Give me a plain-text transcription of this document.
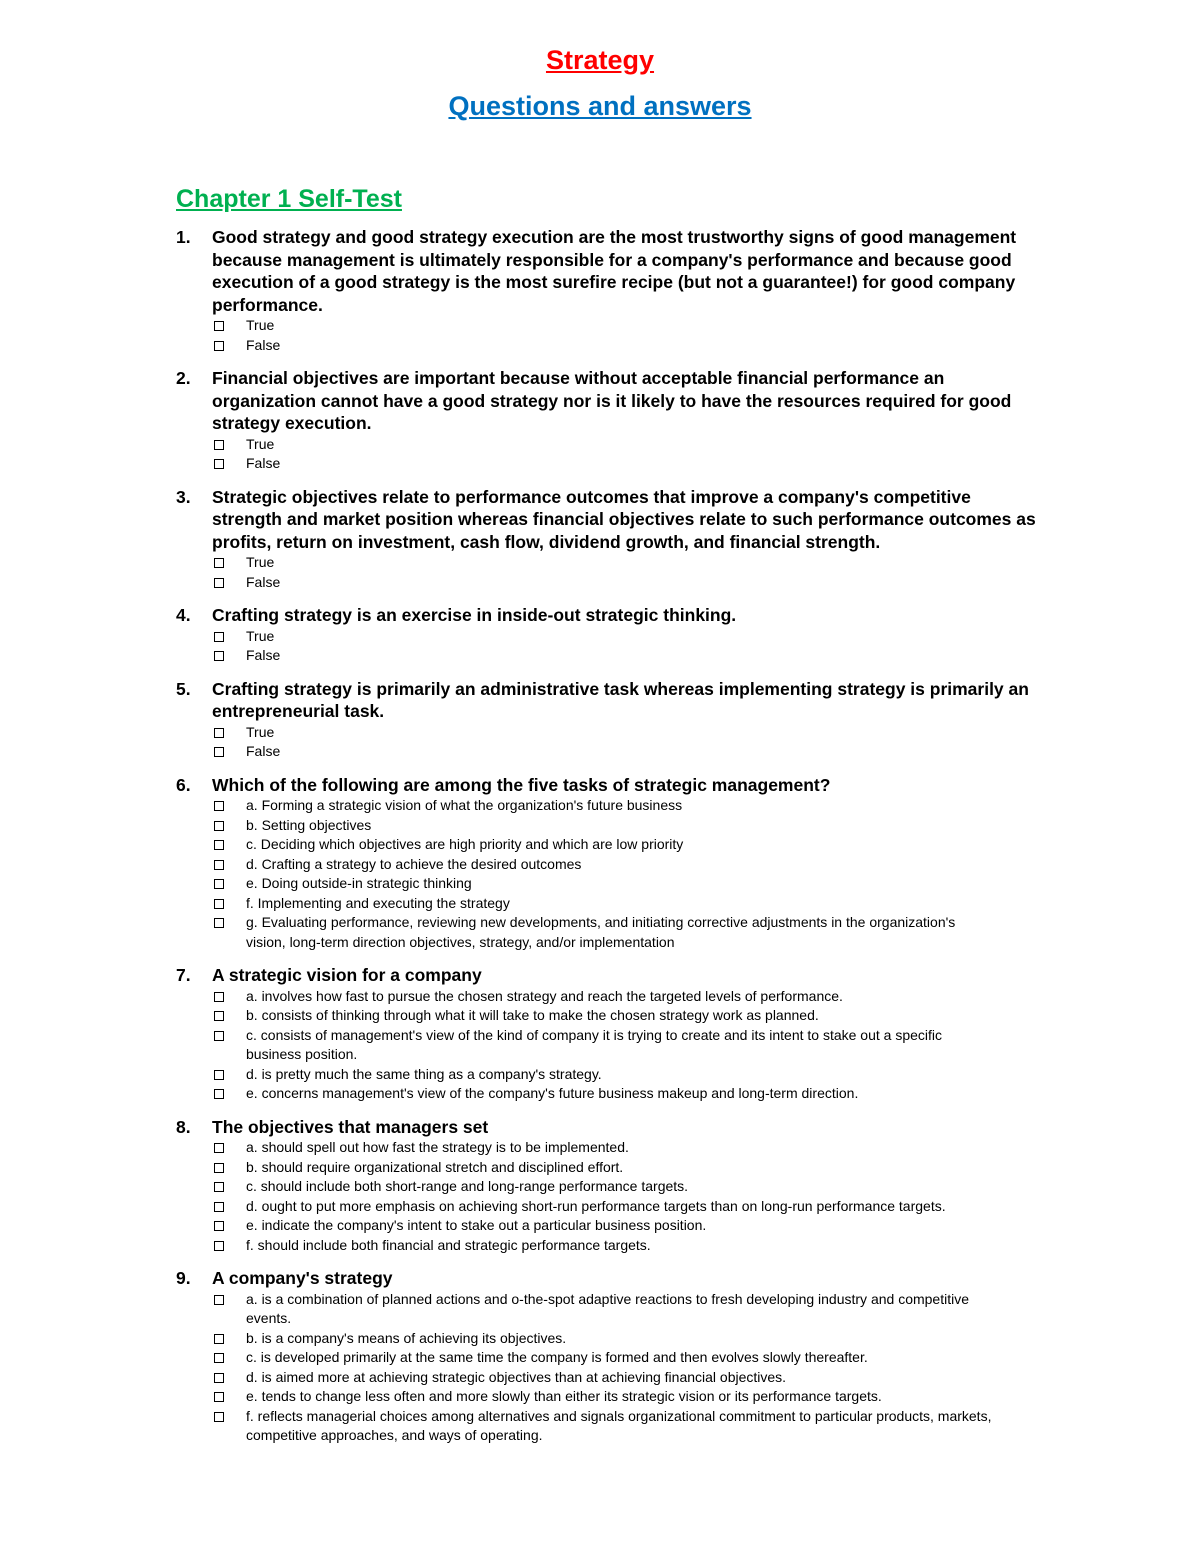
Strategy
Questions and answers
Chapter 1 Self-Test
1.	Good strategy and good strategy execution are the most trustworthy signs of good management because management is ultimately responsible for a company's performance and because good execution of a good strategy is the most surefire recipe (but not a guarantee!) for good company performance.
True
False
2.	Financial objectives are important because without acceptable financial performance an organization cannot have a good strategy nor is it likely to have the resources required for good strategy execution.
True
False
3.	Strategic objectives relate to performance outcomes that improve a company's competitive strength and market position whereas financial objectives relate to such performance outcomes as profits, return on investment, cash flow, dividend growth, and financial strength.
True
False
4.	Crafting strategy is an exercise in inside-out strategic thinking.
True
False
5.	Crafting strategy is primarily an administrative task whereas implementing strategy is primarily an entrepreneurial task.
True
False
6.	Which of the following are among the five tasks of strategic management?
a. Forming a strategic vision of what the organization's future business
b. Setting objectives
c. Deciding which objectives are high priority and which are low priority
d. Crafting a strategy to achieve the desired outcomes
e. Doing outside-in strategic thinking
f. Implementing and executing the strategy
g. Evaluating performance, reviewing new developments, and initiating corrective adjustments in the organization's vision, long-term direction objectives, strategy, and/or implementation
7.	A strategic vision for a company
a. involves how fast to pursue the chosen strategy and reach the targeted levels of performance.
b. consists of thinking through what it will take to make the chosen strategy work as planned.
c. consists of management's view of the kind of company it is trying to create and its intent to stake out a specific business position.
d. is pretty much the same thing as a company's strategy.
e. concerns management's view of the company's future business makeup and long-term direction.
8.	The objectives that managers set
a. should spell out how fast the strategy is to be implemented.
b. should require organizational stretch and disciplined effort.
c. should include both short-range and long-range performance targets.
d. ought to put more emphasis on achieving short-run performance targets than on long-run performance targets.
e. indicate the company's intent to stake out a particular business position.
f. should include both financial and strategic performance targets.
9.	A company's strategy
a. is a combination of planned actions and o-the-spot adaptive reactions to fresh developing industry and competitive events.
b. is a company's means of achieving its objectives.
c. is developed primarily at the same time the company is formed and then evolves slowly thereafter.
d. is aimed more at achieving strategic objectives than at achieving financial objectives.
e. tends to change less often and more slowly than either its strategic vision or its performance targets.
f. reflects managerial choices among alternatives and signals organizational commitment to particular products, markets, competitive approaches, and ways of operating.
